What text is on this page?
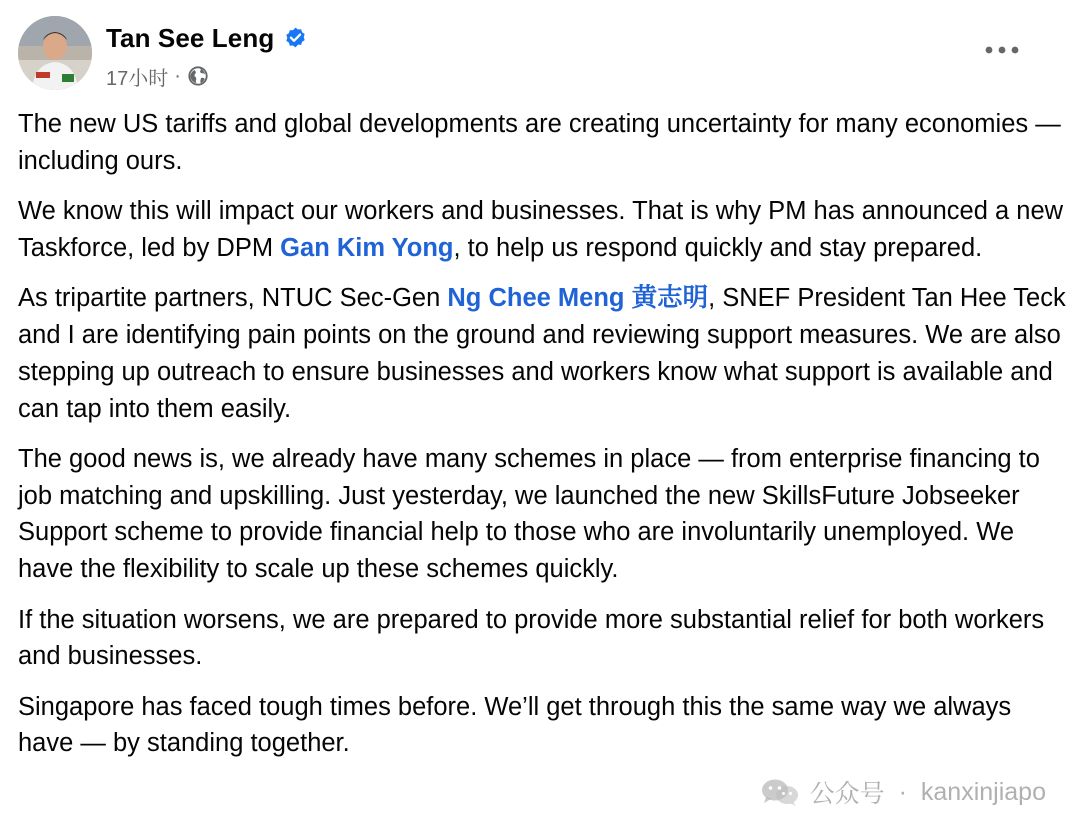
Tan See Leng
17小时 ·

The new US tariffs and global developments are creating uncertainty for many economies — including ours.

We know this will impact our workers and businesses. That is why PM has announced a new Taskforce, led by DPM Gan Kim Yong, to help us respond quickly and stay prepared.

As tripartite partners, NTUC Sec-Gen Ng Chee Meng 黄志明, SNEF President Tan Hee Teck and I are identifying pain points on the ground and reviewing support measures. We are also stepping up outreach to ensure businesses and workers know what support is available and can tap into them easily.

The good news is, we already have many schemes in place — from enterprise financing to job matching and upskilling. Just yesterday, we launched the new SkillsFuture Jobseeker Support scheme to provide financial help to those who are involuntarily unemployed. We have the flexibility to scale up these schemes quickly.

If the situation worsens, we are prepared to provide more substantial relief for both workers and businesses.

Singapore has faced tough times before. We’ll get through this the same way we always have — by standing together.

公众号 · kanxinjiapo
